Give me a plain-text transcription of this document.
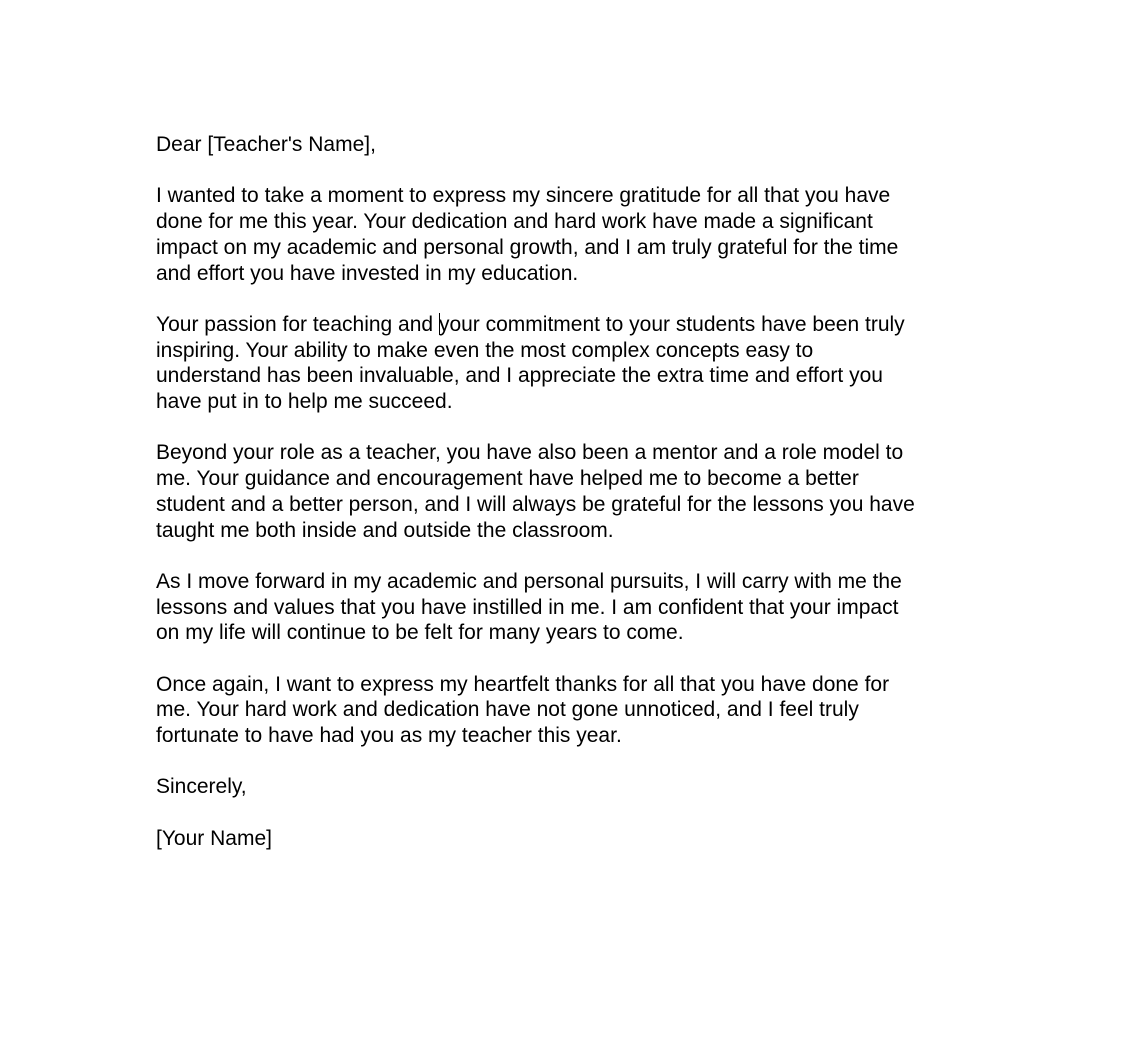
Dear [Teacher's Name],

I wanted to take a moment to express my sincere gratitude for all that you have
done for me this year. Your dedication and hard work have made a significant
impact on my academic and personal growth, and I am truly grateful for the time
and effort you have invested in my education.

Your passion for teaching and your commitment to your students have been truly
inspiring. Your ability to make even the most complex concepts easy to
understand has been invaluable, and I appreciate the extra time and effort you
have put in to help me succeed.

Beyond your role as a teacher, you have also been a mentor and a role model to
me. Your guidance and encouragement have helped me to become a better
student and a better person, and I will always be grateful for the lessons you have
taught me both inside and outside the classroom.

As I move forward in my academic and personal pursuits, I will carry with me the
lessons and values that you have instilled in me. I am confident that your impact
on my life will continue to be felt for many years to come.

Once again, I want to express my heartfelt thanks for all that you have done for
me. Your hard work and dedication have not gone unnoticed, and I feel truly
fortunate to have had you as my teacher this year.

Sincerely,

[Your Name]
